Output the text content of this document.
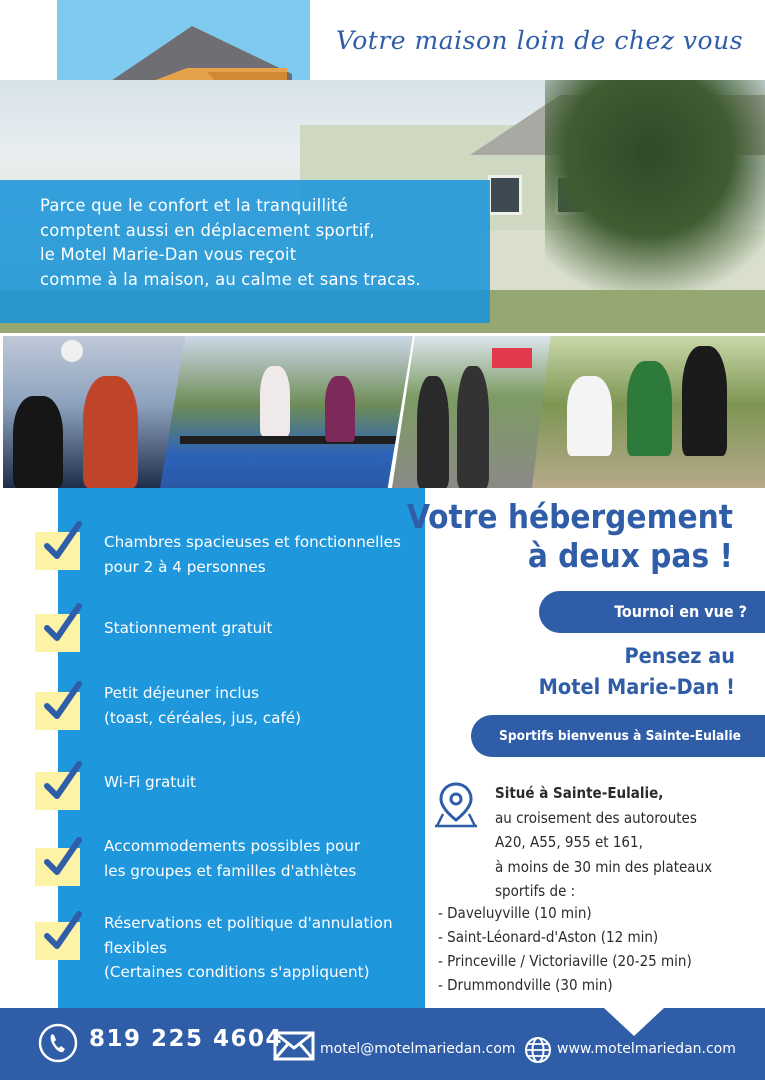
Votre maison loin de chez vous

Parce que le confort et la tranquillité

comptent aussi en déplacement sportif,

le Motel Marie-Dan vous reçoit

comme à la maison, au calme et sans tracas.

Chambres spacieuses et fonctionnelles
pour 2 à 4 personnes
Stationnement gratuit
Petit déjeuner inclus
(toast, céréales, jus, café)
Wi-Fi gratuit
Accommodements possibles pour
les groupes et familles d'athlètes
Réservations et politique d'annulation
flexibles
(Certaines conditions s'appliquent)
Votre hébergement
à deux pas !
Tournoi en vue ?
Pensez au
Motel Marie-Dan !
Sportifs bienvenus à Sainte-Eulalie
Situé à Sainte-Eulalie,
au croisement des autoroutes
A20, A55, 955 et 161,
à moins de 30 min des plateaux
sportifs de :
- Daveluyville (10 min)
- Saint-Léonard-d'Aston (12 min)
- Princeville / Victoriaville (20-25 min)
- Drummondville (30 min)
819 225 4604	motel@motelmariedan.com	www.motelmariedan.com
